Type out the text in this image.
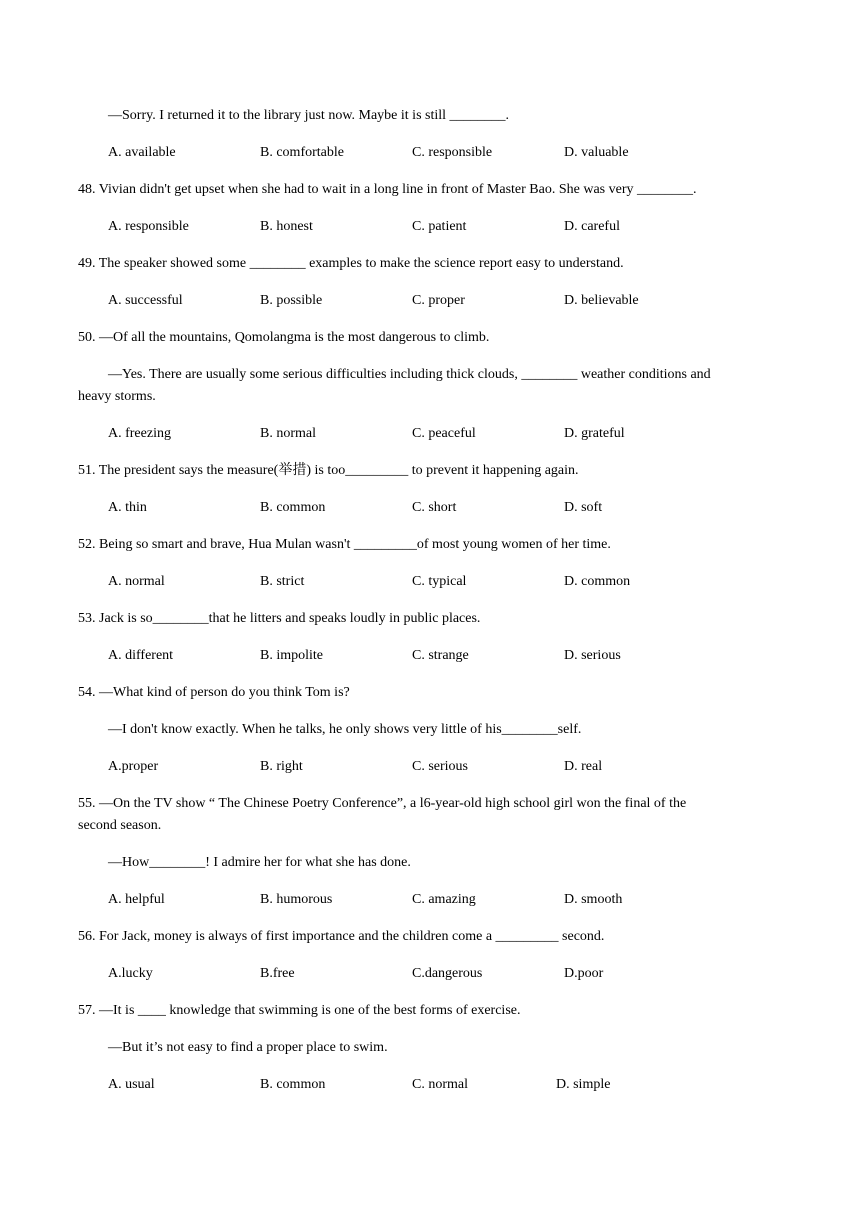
—Sorry. I returned it to the library just now. Maybe it is still ________.
A. available	B. comfortable	C. responsible	D. valuable
48. Vivian didn't get upset when she had to wait in a long line in front of Master Bao. She was very ________.
A. responsible	B. honest	C. patient	D. careful
49. The speaker showed some ________ examples to make the science report easy to understand.
A. successful	B. possible	C. proper	D. believable
50. —Of all the mountains, Qomolangma is the most dangerous to climb.
—Yes. There are usually some serious difficulties including thick clouds, ________ weather conditions and
heavy storms.
A. freezing	B. normal	C. peaceful	D. grateful
51. The president says the measure(举措) is too_________ to prevent it happening again.
A. thin	B. common	C. short	D. soft
52. Being so smart and brave, Hua Mulan wasn't _________of most young women of her time.
A. normal	B. strict	C. typical	D. common
53. Jack is so________that he litters and speaks loudly in public places.
A. different	B. impolite	C. strange	D. serious
54. —What kind of person do you think Tom is?
—I don't know exactly. When he talks, he only shows very little of his________self.
A.proper	B. right	C. serious	D. real
55. —On the TV show “ The Chinese Poetry Conference”, a l6-year-old high school girl won the final of the
second season.
—How________! I admire her for what she has done.
A. helpful	B. humorous	C. amazing	D. smooth
56. For Jack, money is always of first importance and the children come a _________ second.
A.lucky	B.free	C.dangerous	D.poor
57. —It is ____ knowledge that swimming is one of the best forms of exercise.
—But it’s not easy to find a proper place to swim.
A. usual	B. common	C. normal	D. simple
